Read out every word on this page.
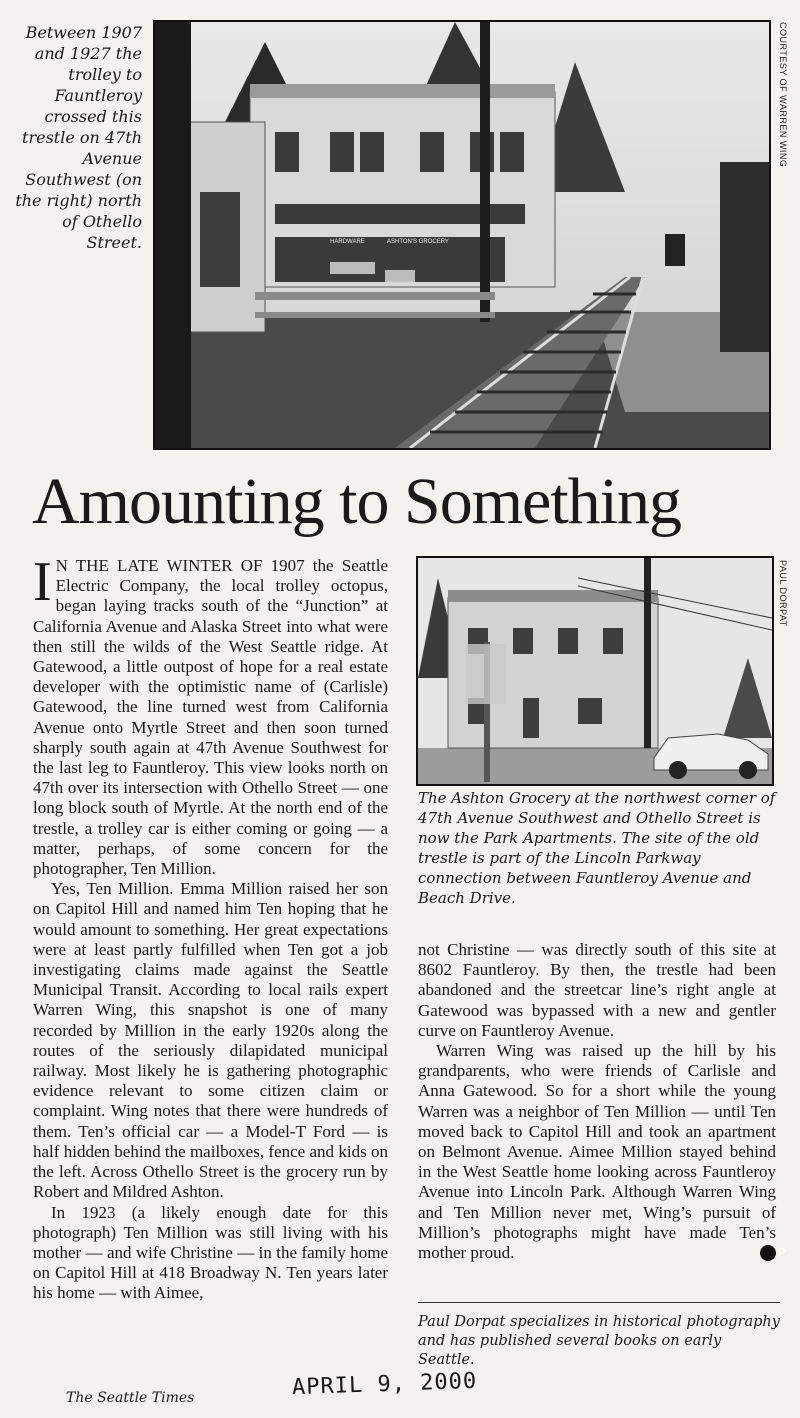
Between 1907 and 1927 the trolley to Fauntleroy crossed this trestle on 47th Avenue Southwest (on the right) north of Othello Street.	HARDWARE	ASHTON'S GROCERY
COURTESY OF WARREN WING
Amounting to Something

I N THE LATE WINTER OF 1907 the Seattle Electric Company, the local trolley octopus, began laying tracks south of the “Junction” at California Avenue and Alaska Street into what were then still the wilds of the West Seattle ridge. At Gatewood, a little outpost of hope for a real estate developer with the optimistic name of (Carlisle) Gatewood, the line turned west from California Avenue onto Myrtle Street and then soon turned sharply south again at 47th Avenue Southwest for the last leg to Fauntleroy. This view looks north on 47th over its intersection with Othello Street — one long block south of Myrtle. At the north end of the trestle, a trolley car is either coming or going — a matter, perhaps, of some concern for the photographer, Ten Million.

Yes, Ten Million. Emma Million raised her son on Capitol Hill and named him Ten hoping that he would amount to something. Her great expectations were at least partly fulfilled when Ten got a job investigating claims made against the Seattle Municipal Transit. According to local rails expert Warren Wing, this snapshot is one of many recorded by Million in the early 1920s along the routes of the seriously dilapidated municipal railway. Most likely he is gathering photographic evidence relevant to some citizen claim or complaint. Wing notes that there were hundreds of them. Ten’s official car — a Model-T Ford — is half hidden behind the mailboxes, fence and kids on the left. Across Othello Street is the grocery run by Robert and Mildred Ashton.

In 1923 (a likely enough date for this photograph) Ten Million was still living with his mother — and wife Christine — in the family home on Capitol Hill at 418 Broadway N. Ten years later his home — with Aimee,

PAUL DORPAT
The Ashton Grocery at the northwest corner of 47th Avenue Southwest and Othello Street is now the Park Apartments. The site of the old trestle is part of the Lincoln Parkway connection between Fauntleroy Avenue and Beach Drive.

not Christine — was directly south of this site at 8602 Fauntleroy. By then, the trestle had been abandoned and the streetcar line’s right angle at Gatewood was bypassed with a new and gentler curve on Fauntleroy Avenue.

Warren Wing was raised up the hill by his grandparents, who were friends of Carlisle and Anna Gatewood. So for a short while the young Warren was a neighbor of Ten Million — until Ten moved back to Capitol Hill and took an apartment on Belmont Avenue. Aimee Million stayed behind in the West Seattle home looking across Fauntleroy Avenue into Lincoln Park. Although Warren Wing and Ten Million never met, Wing’s pursuit of Million’s photographs might have made Ten’s mother proud.	P

Paul Dorpat specializes in historical photography and has published several books on early Seattle.
The Seattle Times	APRIL 9, 2000
